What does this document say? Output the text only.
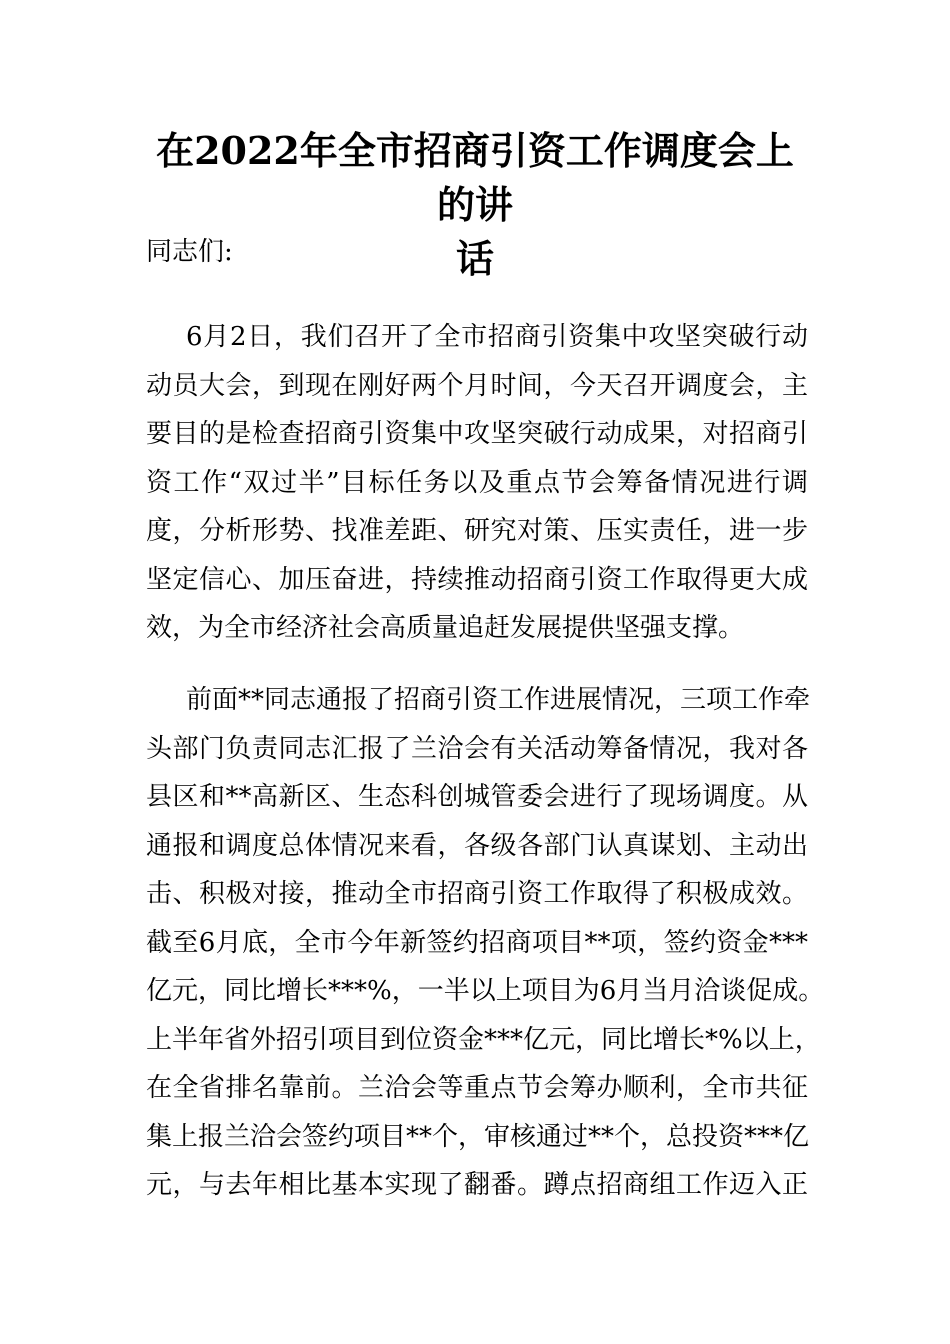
在2022年全市招商引资工作调度会上的讲
话

同志们:

6月2日，我们召开了全市招商引资集中攻坚突破行动
动员大会，到现在刚好两个月时间，今天召开调度会，主
要目的是检查招商引资集中攻坚突破行动成果，对招商引
资工作“双过半”目标任务以及重点节会筹备情况进行调
度，分析形势、找准差距、研究对策、压实责任，进一步
坚定信心、加压奋进，持续推动招商引资工作取得更大成
效，为全市经济社会高质量追赶发展提供坚强支撑。
前面**同志通报了招商引资工作进展情况，三项工作牵
头部门负责同志汇报了兰洽会有关活动筹备情况，我对各
县区和**高新区、生态科创城管委会进行了现场调度。从
通报和调度总体情况来看，各级各部门认真谋划、主动出
击、积极对接，推动全市招商引资工作取得了积极成效。
截至6月底，全市今年新签约招商项目**项，签约资金***
亿元，同比增长***%，一半以上项目为6月当月洽谈促成。
上半年省外招引项目到位资金***亿元，同比增长*%以上，
在全省排名靠前。兰洽会等重点节会筹办顺利，全市共征
集上报兰洽会签约项目**个，审核通过**个，总投资***亿
元，与去年相比基本实现了翻番。蹲点招商组工作迈入正
